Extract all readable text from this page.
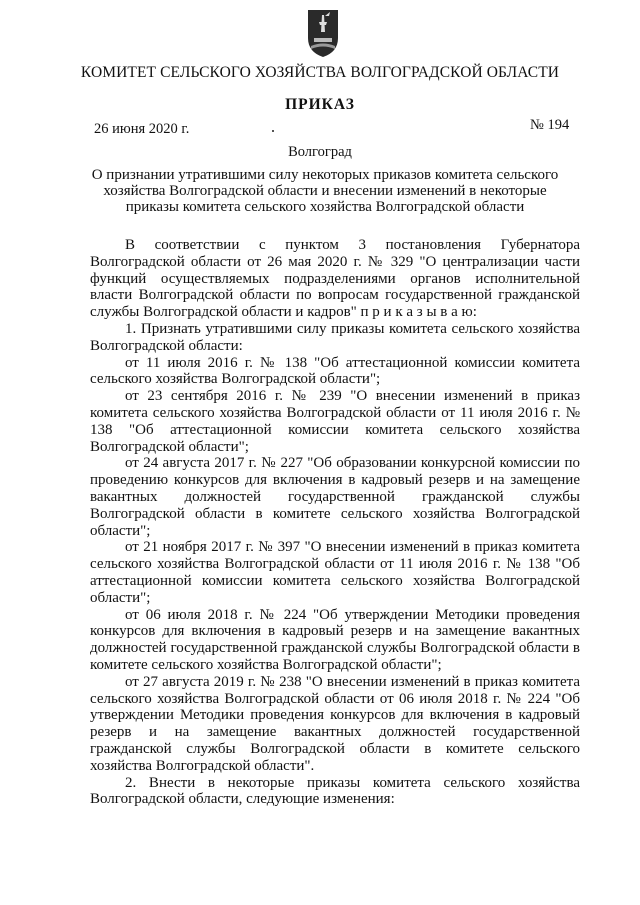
КОМИТЕТ СЕЛЬСКОГО ХОЗЯЙСТВА ВОЛГОГРАДСКОЙ ОБЛАСТИ
ПРИКАЗ
26 июня 2020 г.	№ 194
Волгоград
О признании утратившими силу некоторых приказов комитета сельского хозяйства Волгоградской области и внесении изменений в некоторые приказы комитета сельского хозяйства Волгоградской области

В соответствии с пунктом 3 постановления Губернатора Волгоградской области от 26 мая 2020 г. № 329 "О централизации части функций осуществляемых подразделениями органов исполнительной власти Волгоградской области по вопросам государственной гражданской службы Волгоградской области и кадров" п р и к а з ы в а ю:

1. Признать утратившими силу приказы комитета сельского хозяйства Волгоградской области:

от 11 июля 2016 г. № 138 "Об аттестационной комиссии комитета сельского хозяйства Волгоградской области";

от 23 сентября 2016 г. № 239 "О внесении изменений в приказ комитета сельского хозяйства Волгоградской области от 11 июля 2016 г. № 138 "Об аттестационной комиссии комитета сельского хозяйства Волгоградской области";

от 24 августа 2017 г. № 227 "Об образовании конкурсной комиссии по проведению конкурсов для включения в кадровый резерв и на замещение вакантных должностей государственной гражданской службы Волгоградской области в комитете сельского хозяйства Волгоградской области";

от 21 ноября 2017 г. № 397 "О внесении изменений в приказ комитета сельского хозяйства Волгоградской области от 11 июля 2016 г. № 138 "Об аттестационной комиссии комитета сельского хозяйства Волгоградской области";

от 06 июля 2018 г. № 224 "Об утверждении Методики проведения конкурсов для включения в кадровый резерв и на замещение вакантных должностей государственной гражданской службы Волгоградской области в комитете сельского хозяйства Волгоградской области";

от 27 августа 2019 г. № 238 "О внесении изменений в приказ комитета сельского хозяйства Волгоградской области от 06 июля 2018 г. № 224 "Об утверждении Методики проведения конкурсов для включения в кадровый резерв и на замещение вакантных должностей государственной гражданской службы Волгоградской области в комитете сельского хозяйства Волгоградской области".

2. Внести в некоторые приказы комитета сельского хозяйства Волгоградской области, следующие изменения:
